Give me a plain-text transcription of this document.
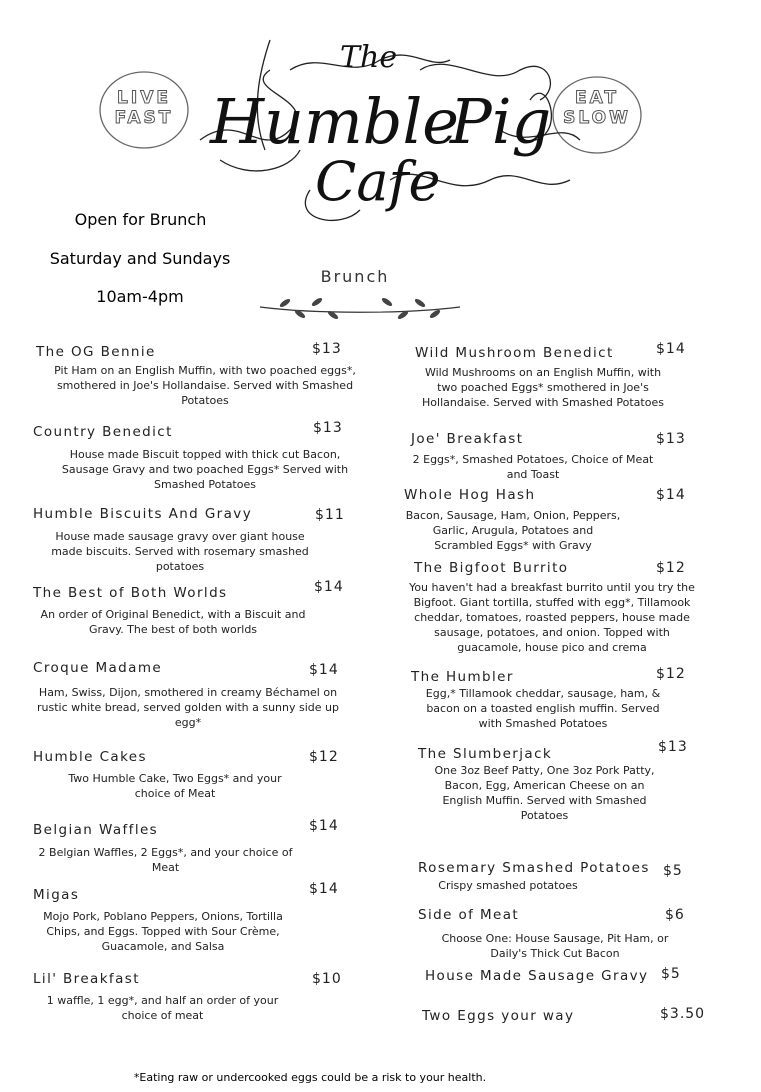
LIVE
FAST
EAT
SLOW
The
Humble
Pig
Cafe
Open for Brunch
Saturday and Sundays
10am-4pm
Brunch
The OG Bennie	$13
Pit Ham on an English Muffin, with two poached eggs*, smothered in Joe's Hollandaise. Served with Smashed Potatoes
Country Benedict	$13
House made Biscuit topped with thick cut Bacon, Sausage Gravy and two poached Eggs* Served with Smashed Potatoes
Humble Biscuits And Gravy	$11
House made sausage gravy over giant house made biscuits. Served with rosemary smashed potatoes
The Best of Both Worlds	$14
An order of Original Benedict, with a Biscuit and Gravy. The best of both worlds
Croque Madame	$14
Ham, Swiss, Dijon, smothered in creamy Béchamel on rustic white bread, served golden with a sunny side up egg*
Humble Cakes	$12
Two Humble Cake, Two Eggs* and your choice of Meat
Belgian Waffles	$14
2 Belgian Waffles, 2 Eggs*, and your choice of Meat
Migas	$14
Mojo Pork, Poblano Peppers, Onions, Tortilla Chips, and Eggs. Topped with Sour Crème, Guacamole, and Salsa
Lil' Breakfast	$10
1 waffle, 1 egg*, and half an order of your choice of meat
Wild Mushroom Benedict	$14
Wild Mushrooms on an English Muffin, with two poached Eggs* smothered in Joe's Hollandaise. Served with Smashed Potatoes
Joe' Breakfast	$13
2 Eggs*, Smashed Potatoes, Choice of Meat and Toast
Whole Hog Hash	$14
Bacon, Sausage, Ham, Onion, Peppers, Garlic, Arugula, Potatoes and Scrambled Eggs* with Gravy
The Bigfoot Burrito	$12
You haven't had a breakfast burrito until you try the Bigfoot. Giant tortilla, stuffed with egg*, Tillamook cheddar, tomatoes, roasted peppers, house made sausage, potatoes, and onion. Topped with guacamole, house pico and crema
The Humbler	$12
Egg,* Tillamook cheddar, sausage, ham, & bacon on a toasted english muffin. Served with Smashed Potatoes
The Slumberjack	$13
One 3oz Beef Patty, One 3oz Pork Patty, Bacon, Egg, American Cheese on an English Muffin. Served with Smashed Potatoes
Rosemary Smashed Potatoes $5
Crispy smashed potatoes
Side of Meat	$6
Choose One: House Sausage, Pit Ham, or Daily's Thick Cut Bacon
House Made Sausage Gravy $5
Two Eggs your way	$3.50
*Eating raw or undercooked eggs could be a risk to your health.
